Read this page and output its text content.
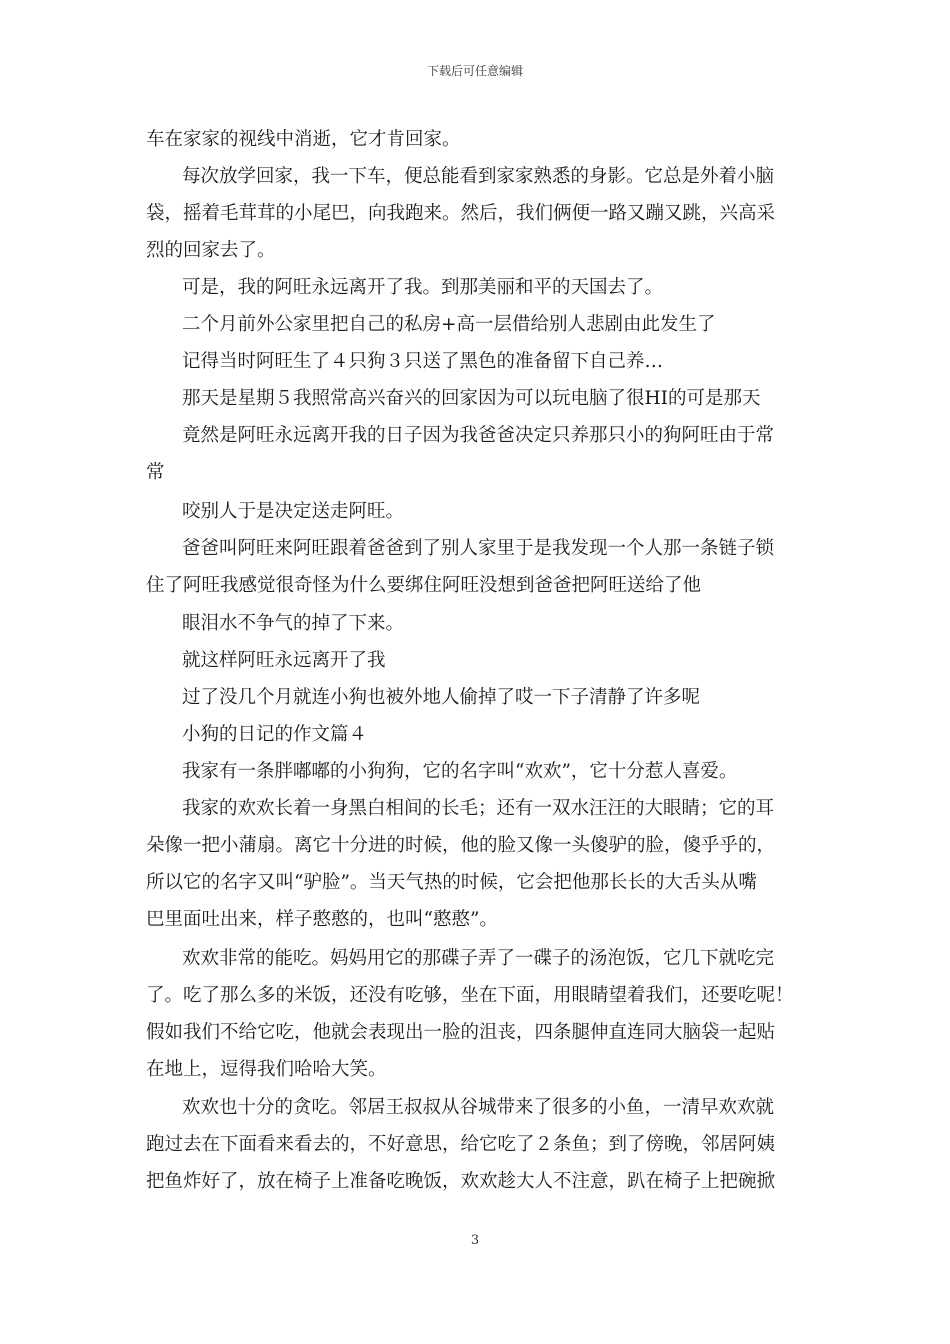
下载后可任意编辑
车在家家的视线中消逝，它才肯回家。
每次放学回家，我一下车，便总能看到家家熟悉的身影。它总是外着小脑
袋，摇着毛茸茸的小尾巴，向我跑来。然后，我们俩便一路又蹦又跳，兴高采
烈的回家去了。
可是，我的阿旺永远离开了我。到那美丽和平的天国去了。
二个月前外公家里把自己的私房+高一层借给别人悲剧由此发生了
记得当时阿旺生了４只狗３只送了黑色的准备留下自己养…
那天是星期５我照常高兴奋兴的回家因为可以玩电脑了很HI的可是那天
竟然是阿旺永远离开我的日子因为我爸爸决定只养那只小的狗阿旺由于常
常
咬别人于是决定送走阿旺。
爸爸叫阿旺来阿旺跟着爸爸到了别人家里于是我发现一个人那一条链子锁
住了阿旺我感觉很奇怪为什么要绑住阿旺没想到爸爸把阿旺送给了他
眼泪水不争气的掉了下来。
就这样阿旺永远离开了我
过了没几个月就连小狗也被外地人偷掉了哎一下子清静了许多呢
小狗的日记的作文篇４
我家有一条胖嘟嘟的小狗狗，它的名字叫“欢欢”，它十分惹人喜爱。
我家的欢欢长着一身黑白相间的长毛；还有一双水汪汪的大眼睛；它的耳
朵像一把小蒲扇。离它十分进的时候，他的脸又像一头傻驴的脸，傻乎乎的，
所以它的名字又叫“驴脸”。当天气热的时候，它会把他那长长的大舌头从嘴
巴里面吐出来，样子憨憨的，也叫“憨憨”。
欢欢非常的能吃。妈妈用它的那碟子弄了一碟子的汤泡饭，它几下就吃完
了。吃了那么多的米饭，还没有吃够，坐在下面，用眼睛望着我们，还要吃呢！
假如我们不给它吃，他就会表现出一脸的沮丧，四条腿伸直连同大脑袋一起贴
在地上，逗得我们哈哈大笑。
欢欢也十分的贪吃。邻居王叔叔从谷城带来了很多的小鱼，一清早欢欢就
跑过去在下面看来看去的，不好意思，给它吃了２条鱼；到了傍晚，邻居阿姨
把鱼炸好了，放在椅子上准备吃晚饭，欢欢趁大人不注意，趴在椅子上把碗掀
3
